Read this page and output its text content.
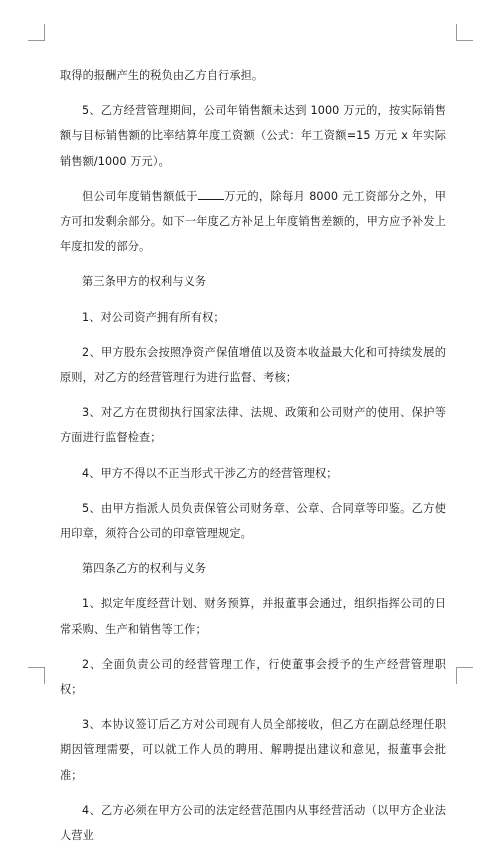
取得的报酬产生的税负由乙方自行承担。

5、乙方经营管理期间，公司年销售额未达到 1000 万元的，按实际销售额与目标销售额的比率结算年度工资额（公式：年工资额=15 万元 x 年实际销售额/1000 万元）。

但公司年度销售额低于 万元的，除每月 8000 元工资部分之外，甲方可扣发剩余部分。如下一年度乙方补足上年度销售差额的，甲方应予补发上年度扣发的部分。

第三条甲方的权利与义务

1、对公司资产拥有所有权；

2、甲方股东会按照净资产保值增值以及资本收益最大化和可持续发展的原则，对乙方的经营管理行为进行监督、考核；

3、对乙方在贯彻执行国家法律、法规、政策和公司财产的使用、保护等方面进行监督检查；

4、甲方不得以不正当形式干涉乙方的经营管理权；

5、由甲方指派人员负责保管公司财务章、公章、合同章等印鉴。乙方使用印章，须符合公司的印章管理规定。

第四条乙方的权利与义务

1、拟定年度经营计划、财务预算，并报董事会通过，组织指挥公司的日常采购、生产和销售等工作；

2、全面负责公司的经营管理工作，行使董事会授予的生产经营管理职权；

3、本协议签订后乙方对公司现有人员全部接收，但乙方在副总经理任职期因管理需要，可以就工作人员的聘用、解聘提出建议和意见，报董事会批准；

4、乙方必须在甲方公司的法定经营范围内从事经营活动（以甲方企业法人营业
